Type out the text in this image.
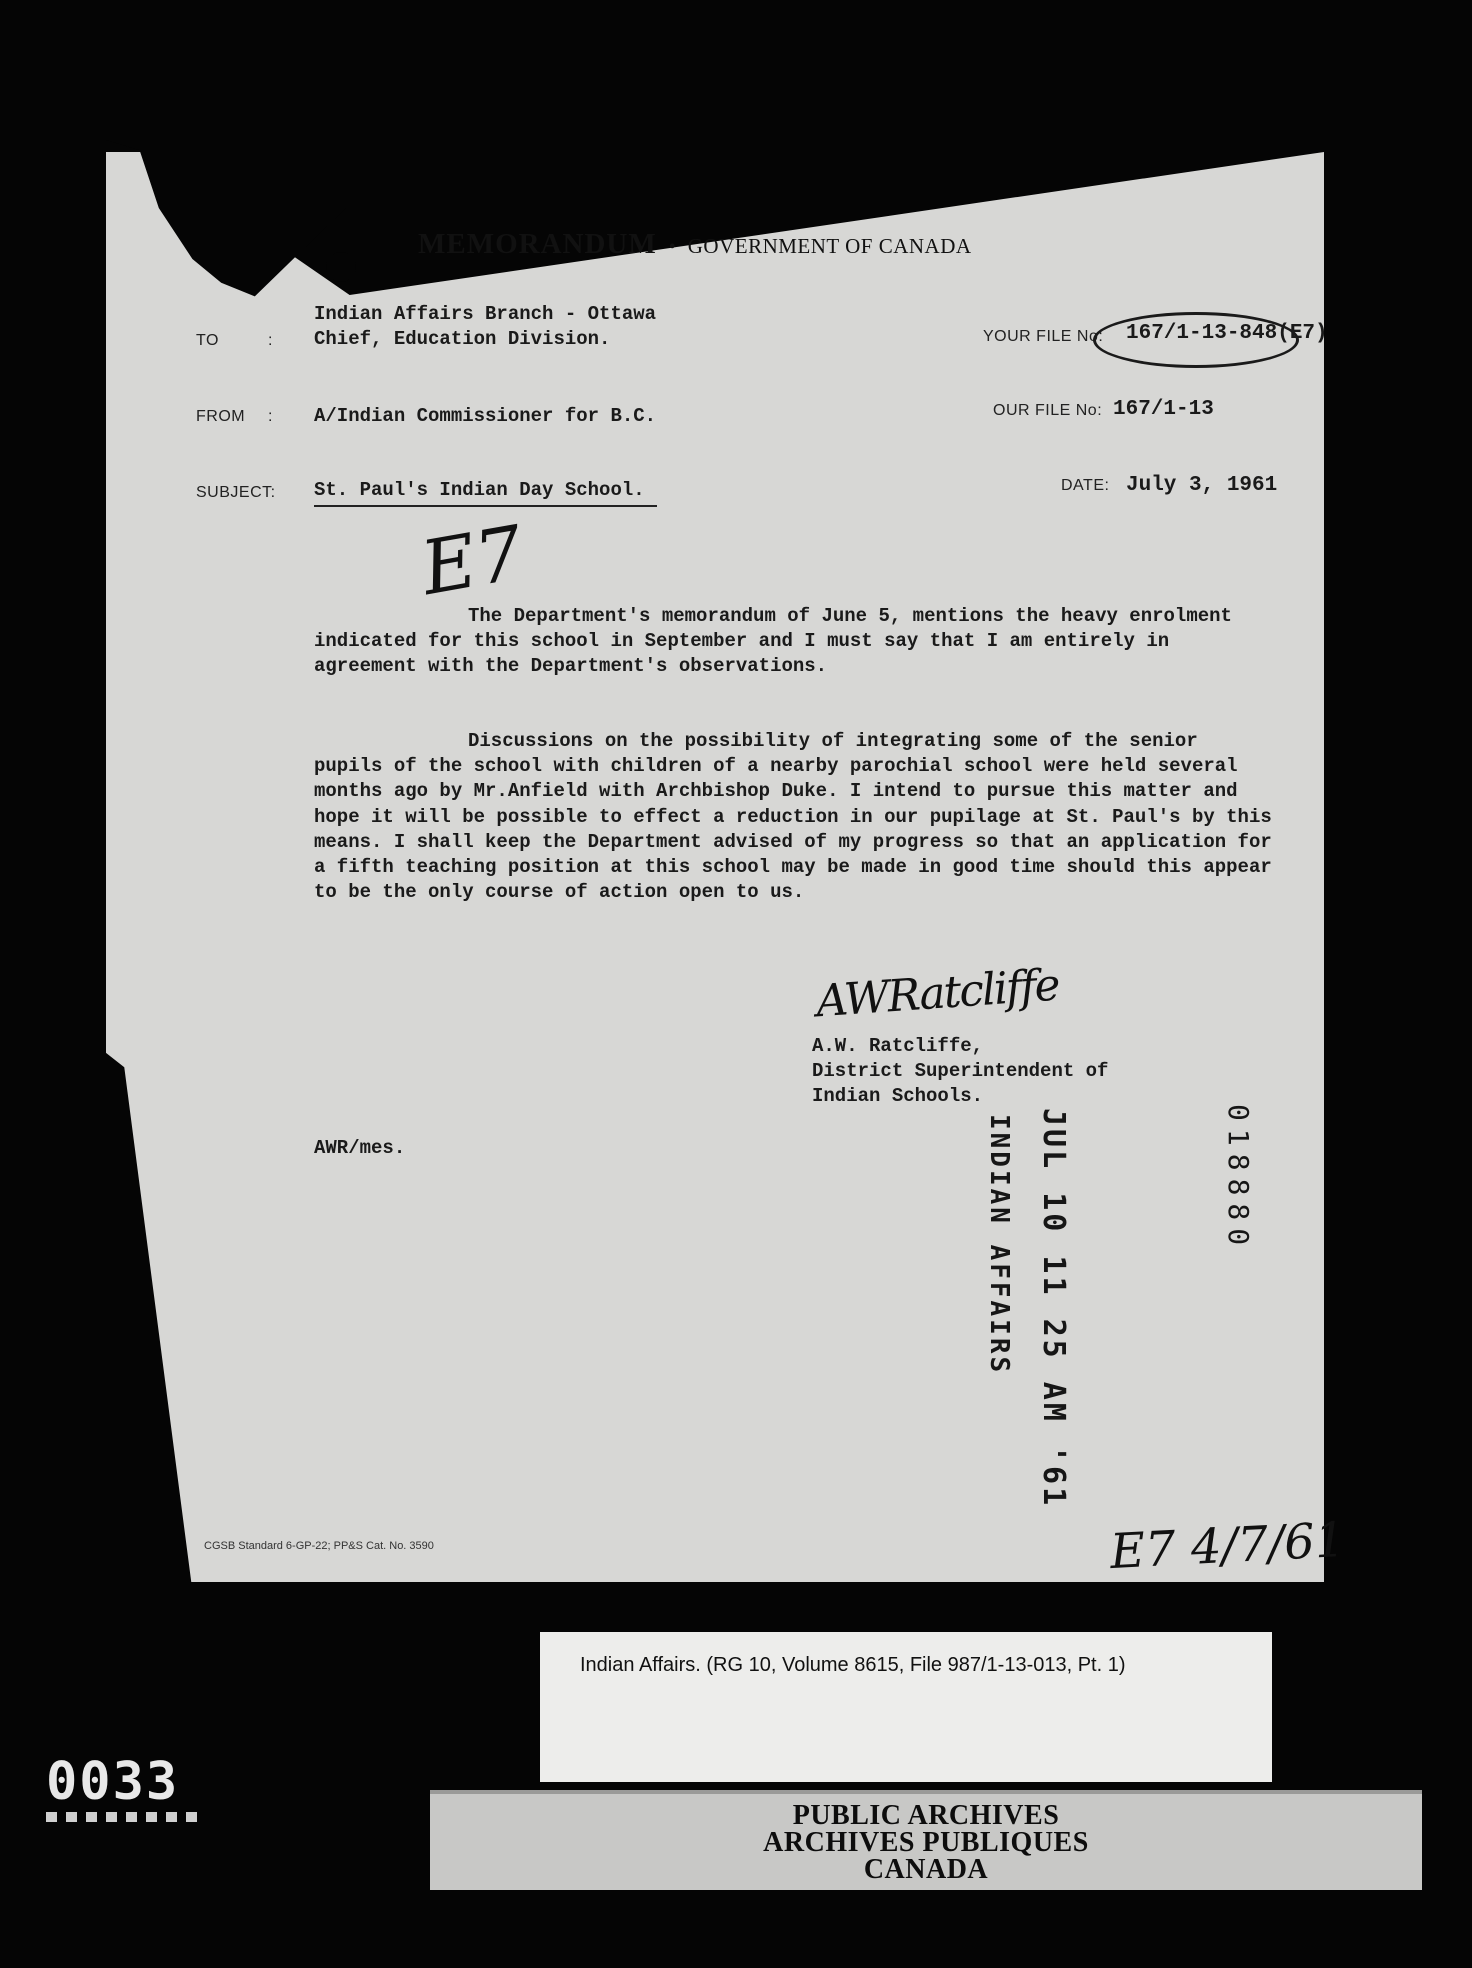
MEMORANDUM • GOVERNMENT OF CANADA
TO	:
Indian Affairs Branch - Ottawa
Chief, Education Division.
FROM : A/Indian Commissioner for B.C.
SUBJECT: St. Paul's Indian Day School.
YOUR FILE No: 167/1-13-848(E7)
OUR FILE No: 167/1-13
DATE: July 3, 1961
E7
The Department's memorandum of June 5, mentions the heavy enrolment indicated for this school in September and I must say that I am entirely in agreement with the Department's observations.
Discussions on the possibility of integrating some of the senior pupils of the school with children of a nearby parochial school were held several months ago by Mr.Anfield with Archbishop Duke. I intend to pursue this matter and hope it will be possible to effect a reduction in our pupilage at St. Paul's by this means. I shall keep the Department advised of my progress so that an application for a fifth teaching position at this school may be made in good time should this appear to be the only course of action open to us.
AWRatcliffe
A.W. Ratcliffe,
District Superintendent of
Indian Schools.
AWR/mes.	JUL 10 11 25 AM '61
INDIAN AFFAIRS	018880
CGSB Standard 6-GP-22; PP&S Cat. No. 3590	E7 4/7/61
Indian Affairs. (RG 10, Volume 8615, File 987/1-13-013, Pt. 1)
PUBLIC ARCHIVES
ARCHIVES PUBLIQUES
CANADA
0033
